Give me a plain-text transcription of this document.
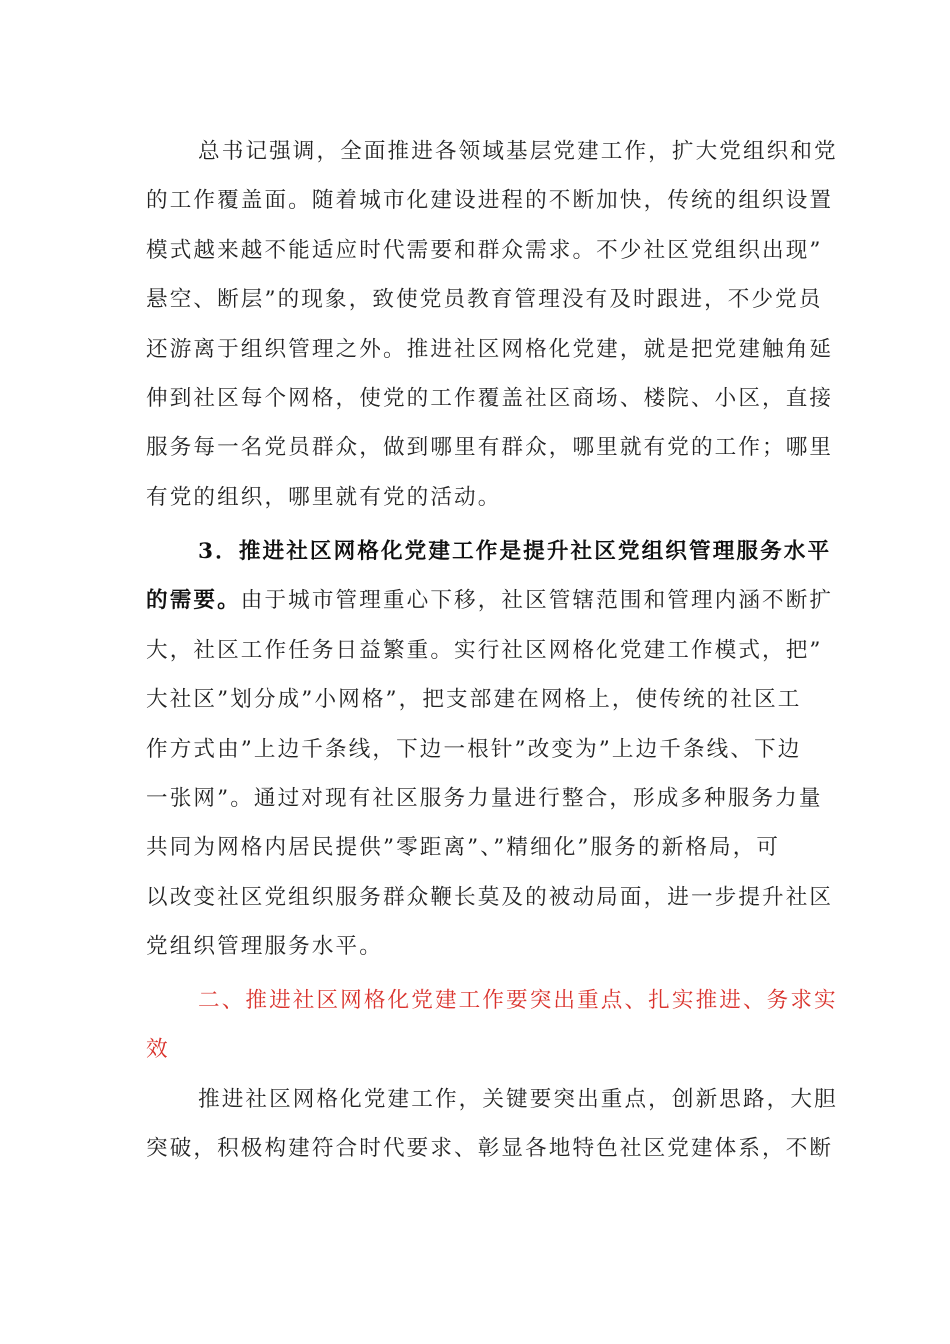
总书记强调，全面推进各领域基层党建工作，扩大党组织和党
的工作覆盖面。随着城市化建设进程的不断加快，传统的组织设置
模式越来越不能适应时代需要和群众需求。不少社区党组织出现”
悬空、断层”的现象，致使党员教育管理没有及时跟进，不少党员
还游离于组织管理之外。推进社区网格化党建，就是把党建触角延
伸到社区每个网格，使党的工作覆盖社区商场、楼院、小区，直接
服务每一名党员群众，做到哪里有群众，哪里就有党的工作；哪里
有党的组织，哪里就有党的活动。
3．推进社区网格化党建工作是提升社区党组织管理服务水平
的需要。由于城市管理重心下移，社区管辖范围和管理内涵不断扩
大，社区工作任务日益繁重。实行社区网格化党建工作模式，把”
大社区”划分成”小网格”，把支部建在网格上，使传统的社区工
作方式由”上边千条线，下边一根针”改变为”上边千条线、下边
一张网”。通过对现有社区服务力量进行整合，形成多种服务力量
共同为网格内居民提供”零距离”、”精细化”服务的新格局，可
以改变社区党组织服务群众鞭长莫及的被动局面，进一步提升社区
党组织管理服务水平。
二、推进社区网格化党建工作要突出重点、扎实推进、务求实
效
推进社区网格化党建工作，关键要突出重点，创新思路，大胆
突破，积极构建符合时代要求、彰显各地特色社区党建体系，不断
